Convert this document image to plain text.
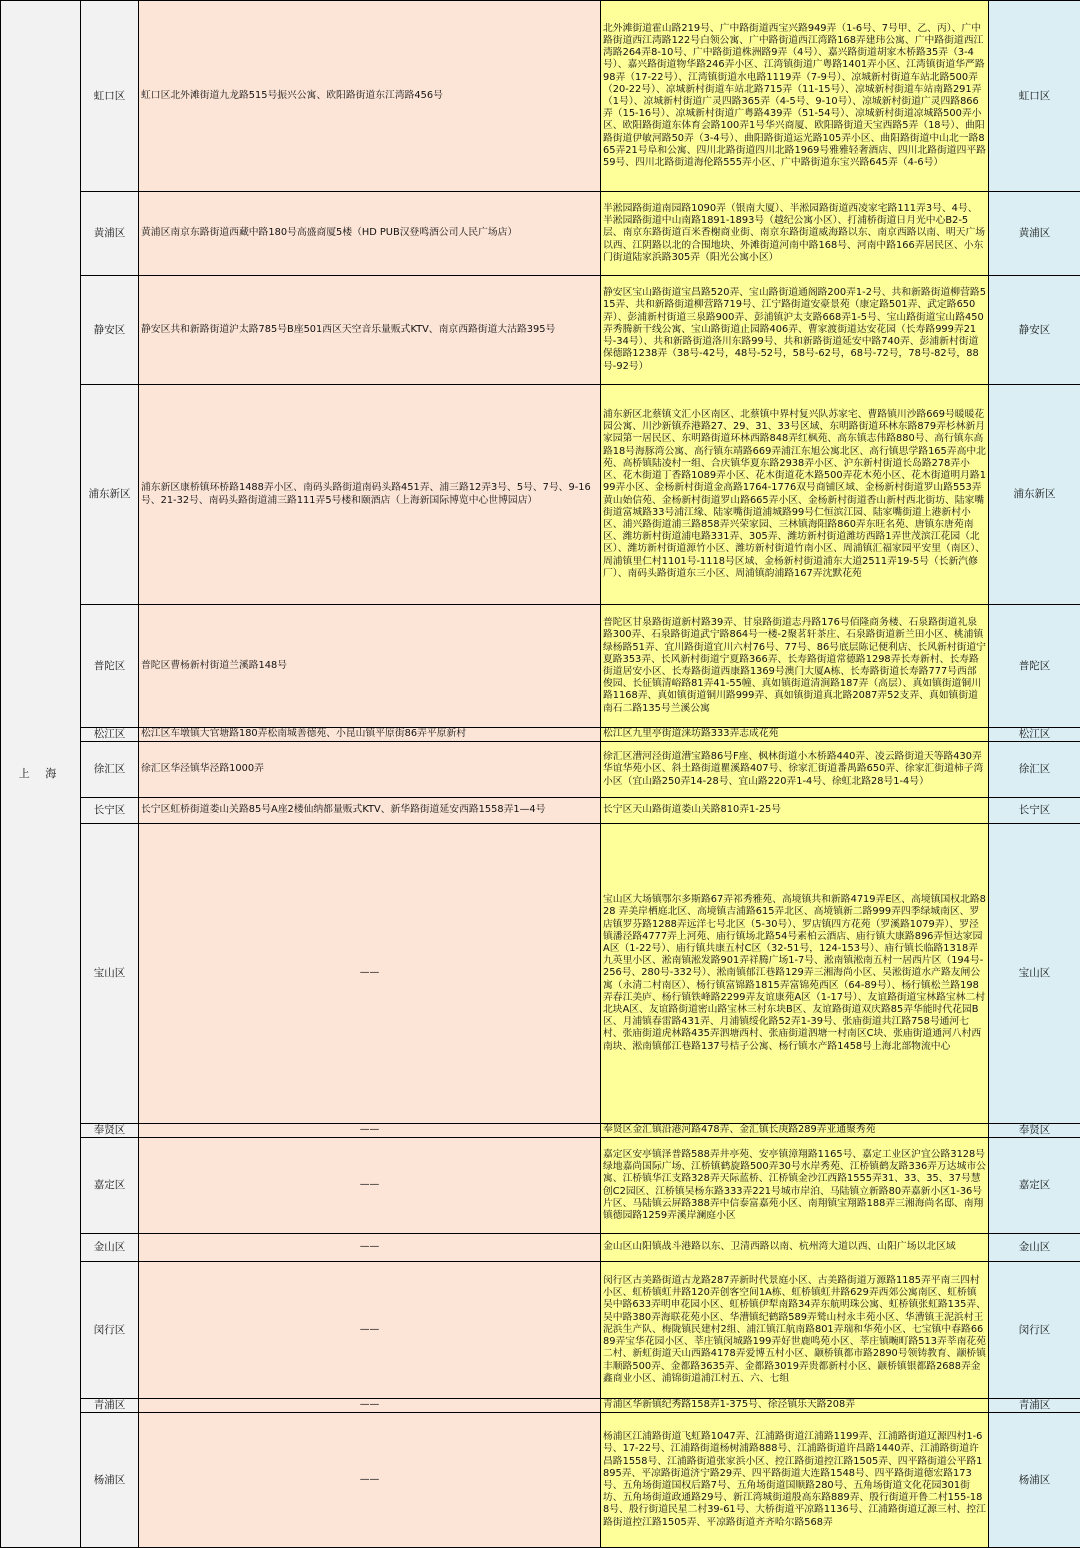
上 海	虹口区	虹口区北外滩街道九龙路515号振兴公寓、欧阳路街道东江湾路456号	北外滩街道霍山路219号、广中路街道西宝兴路949弄（1-6号、7号甲、乙、丙）、广中路街道西江湾路122号白领公寓、广中路街道西江湾路168弄建玮公寓、广中路街道西江湾路264弄8-10号、广中路街道株洲路9弄（4号）、嘉兴路街道胡家木桥路35弄（3-4号）、嘉兴路街道物华路246弄小区、江湾镇街道广粤路1401弄小区、江湾镇街道华严路98弄（17-22号）、江湾镇街道水电路1119弄（7-9号）、凉城新村街道车站北路500弄（20-22号）、凉城新村街道车站北路715弄（11-15号）、凉城新村街道车站南路291弄（1号）、凉城新村街道广灵四路365弄（4-5号、9-10号）、凉城新村街道广灵四路866弄（15-16号）、凉城新村街道广粤路439弄（51-54号）、凉城新村街道凉城路500弄小区、欧阳路街道东体育会路100弄1号华兴商厦、欧阳路街道天宝西路5弄（18号）、曲阳路街道伊敏河路50弄（3-4号）、曲阳路街道运光路105弄小区、曲阳路街道中山北一路865弄21号阜和公寓、四川北路街道四川北路1969号雅雅轻奢酒店、四川北路街道四平路59号、四川北路街道海伦路555弄小区、广中路街道东宝兴路645弄（4-6号）	虹口区
	黄浦区	黄浦区南京东路街道西藏中路180号高盛商厦5楼（HD PUB汉登鸣酒公司人民广场店）	半淞园路街道南园路1090弄（银南大厦）、半淞园路街道西凌家宅路111弄3号、4号、半淞园路街道中山南路1891-1893号（越纪公寓小区）、打浦桥街道日月光中心B2-5层、南京东路街道百米香榭商业街、南京东路街道威海路以东、南京西路以南、明天广场以西、江阴路以北的合围地块、外滩街道河南中路168号、河南中路166弄居民区、小东门街道陆家浜路305弄（阳光公寓小区）	黄浦区
	静安区	静安区共和新路街道沪太路785号B座501西区天空音乐量贩式KTV、南京西路街道大沽路395号	静安区宝山路街道宝昌路520弄、宝山路街道通阁路200弄1-2号、共和新路街道柳营路515弄、共和新路街道柳营路719号、江宁路街道安豪景苑（康定路501弄、武定路650弄）、彭浦新村街道三泉路900弄、彭浦镇沪太支路668弄1-5号、宝山路街道宝山路450弄秀腾新干线公寓、宝山路街道止园路406弄、曹家渡街道达安花园（长寿路999弄21号-34号）、共和新路街道洛川东路99号、共和新路街道延安中路740弄、彭浦新村街道保德路1238弄（38号-42号，48号-52号，58号-62号，68号-72号，78号-82号，88号-92号）	静安区
	浦东新区	浦东新区康桥镇环桥路1488弄小区、南码头路街道南码头路451弄、浦三路12弄3号、5号、7号、9-16号、21-32号、南码头路街道浦三路111弄5号楼和颐酒店（上海新国际博览中心世博园店）	浦东新区北蔡镇文汇小区南区、北蔡镇中界村复兴队苏家宅、曹路镇川沙路669号暖暖花园公寓、川沙新镇乔港路27、29、31、33号区域、东明路街道环林东路879弄杉林新月家园第一居民区、东明路街道环林西路848弄红枫苑、高东镇志伟路880号、高行镇东高路18号海豚湾公寓、高行镇东靖路669弄浦江东旭公寓北区、高行镇思学路165弄高中北苑、高桥镇陆凌村一组、合庆镇华夏东路2938弄小区、沪东新村街道长岛路278弄小区、花木街道丁香路1089弄小区、花木街道花木路500弄花木苑小区、花木街道明月路199弄小区、金杨新村街道金高路1764-1776双号商铺区域、金杨新村街道罗山路553弄黄山始信苑、金杨新村街道罗山路665弄小区、金杨新村街道香山新村西北街坊、陆家嘴街道富城路33号浦江缘、陆家嘴街道浦城路99号仁恒滨江园、陆家嘴街道上港新村小区、浦兴路街道浦三路858弄兴荣家园、三林镇海阳路860弄东旺名苑、唐镇东唐苑南区、潍坊新村街道浦电路331弄、305弄、潍坊新村街道潍坊西路1弄世茂滨江花园（北区）、潍坊新村街道源竹小区、潍坊新村街道竹南小区、周浦镇汇福家园平安里（南区）、周浦镇里仁村1101号-1118号区域、金杨新村街道浦东大道2511弄19-5号（长新汽修厂）、南码头路街道东三小区、周浦镇韵浦路167弄沈默花苑	浦东新区
	普陀区	普陀区曹杨新村街道兰溪路148号	普陀区甘泉路街道新村路39弄、甘泉路街道志丹路176号佰隆商务楼、石泉路街道礼泉路300弄、石泉路街道武宁路864号一楼-2聚茗轩茶庄、石泉路街道新兰田小区、桃浦镇绿杨路51弄、宜川路街道宜川六村76号、77号、86号底层陈记便利店、长风新村街道宁夏路353弄、长风新村街道宁夏路366弄、长寿路街道常德路1298弄长寿新村、长寿路街道居安小区、长寿路街道西康路1369号澳门大厦A栋、长寿路街道长寿路777号西部俊园、长征镇清峪路81弄41-55幢、真如镇街道清涧路187弄（高层）、真如镇街道铜川路1168弄、真如镇街道铜川路999弄、真如镇街道真北路2087弄52支弄、真如镇街道南石二路135号兰溪公寓	普陀区
	松江区	松江区车墩镇大官塘路180弄松南城善德苑、小昆山镇平原街86弄平原新村	松江区九里亭街道涞坊路333弄志成花苑	松江区
	徐汇区	徐汇区华泾镇华泾路1000弄	徐汇区漕河泾街道漕宝路86号F座、枫林街道小木桥路440弄、凌云路街道天等路430弄华谊华苑小区、斜土路街道瞿溪路407号、徐家汇街道番禺路650弄、徐家汇街道柿子湾小区（宜山路250弄14-28号、宜山路220弄1-4号、徐虹北路28号1-4号）	徐汇区
	长宁区	长宁区虹桥街道娄山关路85号A座2楼仙纳都量贩式KTV、新华路街道延安西路1558弄1—4号	长宁区天山路街道娄山关路810弄1-25号	长宁区
	宝山区	——	宝山区大场镇鄂尔多斯路67弄祁秀雅苑、高境镇共和新路4719弄E区、高境镇国权北路828 弄美岸栖庭北区、高境镇吉浦路615弄北区、高境镇新二路999弄四季绿城南区、罗店镇罗芬路1288弄远洋七号北区（5-30号）、罗店镇四方花苑（罗溪路1079弄）、罗泾镇潘泾路4777弄上河苑、庙行镇场北路54号素柏云酒店、庙行镇大康路896弄恒达家园A区（1-22号）、庙行镇共康五村C区（32-51号，124-153号）、庙行镇长临路1318弄九英里小区、淞南镇淞发路901弄祥腾广场1-7号、淞南镇淞南五村一居西片区（194号-256号、280号-332号）、淞南镇郁江巷路129弄三湘海尚小区、吴淞街道水产路友闸公寓（永清二村南区）、杨行镇富锦路1815弄富锦苑西区（64-89号）、杨行镇松兰路198弄春江美庐、杨行镇铁峰路2299弄友谊康苑A区（1-17号）、友谊路街道宝林路宝林二村北块A区、友谊路街道密山路宝林三村东块B区、友谊路街道双庆路85弄华能时代花园B区、月浦镇春雷路431弄、月浦镇绥化路52弄1-39号、张庙街道共江路758号通河七村、张庙街道虎林路435弄泗塘西村、张庙街道泗塘一村南区C块、张庙街道通河八村西南块、淞南镇郁江巷路137号桔子公寓、杨行镇水产路1458号上海北部物流中心	宝山区
	奉贤区	——	奉贤区金汇镇沿港河路478弄、金汇镇长庚路289弄亚通聚秀苑	奉贤区
	嘉定区	——	嘉定区安亭镇泽普路588弄井亭苑、安亭镇漳翔路1165号、嘉定工业区沪宜公路3128号绿地嘉尚国际广场、江桥镇鹤旋路500弄30号水岸秀苑、江桥镇鹤友路336弄万达城市公寓、江桥镇华江支路328弄天际蓝桥、江桥镇金沙江西路1555弄31、33、35、37号慧创C2园区、江桥镇吴杨东路333弄221号城市岸泊、马陆镇立新路80弄嘉新小区1-36号片区、马陆镇云屏路388弄中信泰富嘉苑小区、南翔镇宝翔路188弄三湘海尚名邸、南翔镇德园路1259弄溪岸澜庭小区	嘉定区
	金山区	——	金山区山阳镇战斗港路以东、卫清西路以南、杭州湾大道以西、山阳广场以北区域	金山区
	闵行区	——	闵行区古美路街道古龙路287弄新时代景庭小区、古美路街道万源路1185弄平南三四村小区、虹桥镇虹井路120弄创客空间1A栋、虹桥镇虹井路629弄西郊公寓南区、虹桥镇吴中路633弄明申花园小区、虹桥镇伊犁南路34弄东航明珠公寓、虹桥镇张虹路135弄、吴中路380弄海联花苑小区、华漕镇纪鹤路589弄鹫山村永丰苑小区、华漕镇王泥浜村王泥浜生产队、梅陇镇民建村2组、浦江镇江航南路801弄瑞和华苑小区、七宝镇中春路6689弄宝华花园小区、莘庄镇闵城路199弄好世鹿鸣苑小区、莘庄镇畹町路513弄莘南花苑二村、新虹街道天山西路4178弄爱博五村小区、颛桥镇都市路2890号领铸教育、颛桥镇丰顺路500弄、金都路3635弄、金都路3019弄贵都新村小区、颛桥镇银都路2688弄金鑫商业小区、浦锦街道浦江村五、六、七组	闵行区
	青浦区	——	青浦区华新镇纪秀路158弄1-375号、徐泾镇乐天路208弄	青浦区
	杨浦区	——	杨浦区江浦路街道飞虹路1047弄、江浦路街道江浦路1199弄、江浦路街道辽源四村1-6号、17-22号、江浦路街道杨树浦路888号、江浦路街道许昌路1440弄、江浦路街道许昌路1558号、江浦路街道张家浜小区、控江路街道控江路1505弄、四平路街道公平路1895弄、平凉路街道济宁路29弄、四平路街道大连路1548号、四平路街道德宏路173号、五角场街道国权后路7号、五角场街道国顺路280号、五角场街道文化花园301街坊、五角场街道政通路29号、新江湾城街道殷高东路889弄、殷行街道开鲁二村155-188号、殷行街道民星二村39-61号、大桥街道平凉路1136号、江浦路街道辽源三村、控江路街道控江路1505弄、平凉路街道齐齐哈尔路568弄	杨浦区
